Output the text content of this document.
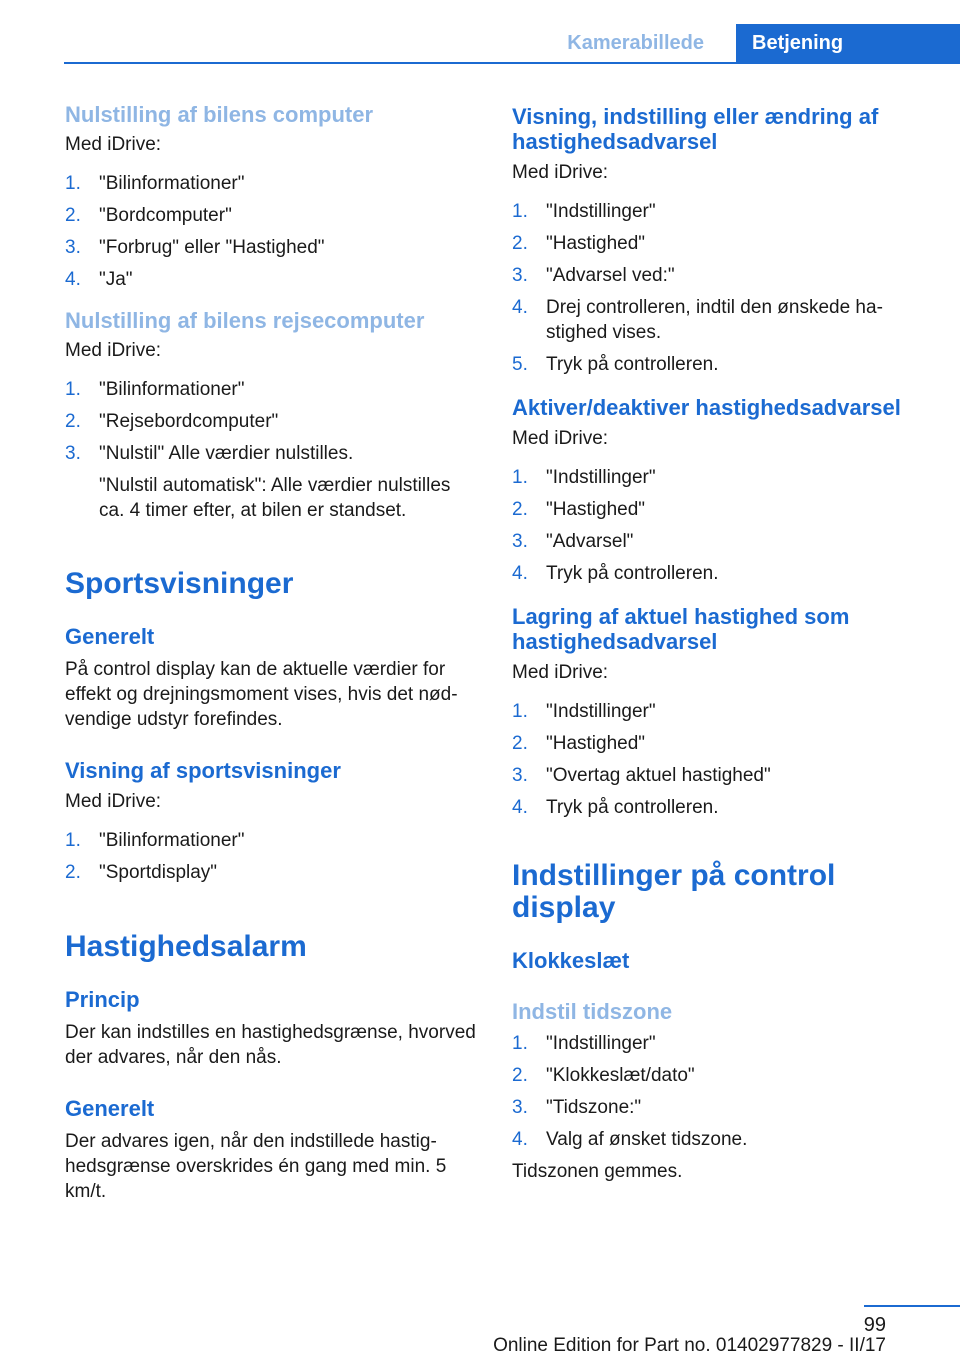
Kamerabillede	Betjening
Nulstilling af bilens computer

Med iDrive:

1. "Bilinformationer"
2. "Bordcomputer"
3. "Forbrug" eller "Hastighed"
4. "Ja"
Nulstilling af bilens rejsecomputer

Med iDrive:

1. "Bilinformationer"
2. "Rejsebordcomputer"
3. "Nulstil" Alle værdier nulstilles.
"Nulstil automatisk": Alle værdier nulstilles ca. 4 timer efter, at bilen er standset.
Sportsvisninger
Generelt

På control display kan de aktuelle værdier for effekt og drejningsmoment vises, hvis det nødvendige udstyr forefindes.

Visning af sportsvisninger

Med iDrive:

1. "Bilinformationer"
2. "Sportdisplay"
Hastighedsalarm
Princip

Der kan indstilles en hastighedsgrænse, hvorved der advares, når den nås.

Generelt

Der advares igen, når den indstillede hastighedsgrænse overskrides én gang med min. 5 km/t.

Visning, indstilling eller ændring af hastighedsadvarsel

Med iDrive:

1. "Indstillinger"
2. "Hastighed"
3. "Advarsel ved:"
4. Drej controlleren, indtil den ønskede hastighed vises.
5. Tryk på controlleren.
Aktiver/deaktiver hastighedsadvarsel

Med iDrive:

1. "Indstillinger"
2. "Hastighed"
3. "Advarsel"
4. Tryk på controlleren.
Lagring af aktuel hastighed som hastighedsadvarsel

Med iDrive:

1. "Indstillinger"
2. "Hastighed"
3. "Overtag aktuel hastighed"
4. Tryk på controlleren.
Indstillinger på control display
Klokkeslæt
Indstil tidszone
1. "Indstillinger"
2. "Klokkeslæt/dato"
3. "Tidszone:"
4. Valg af ønsket tidszone.

Tidszonen gemmes.

99
Online Edition for Part no. 01402977829 - II/17
